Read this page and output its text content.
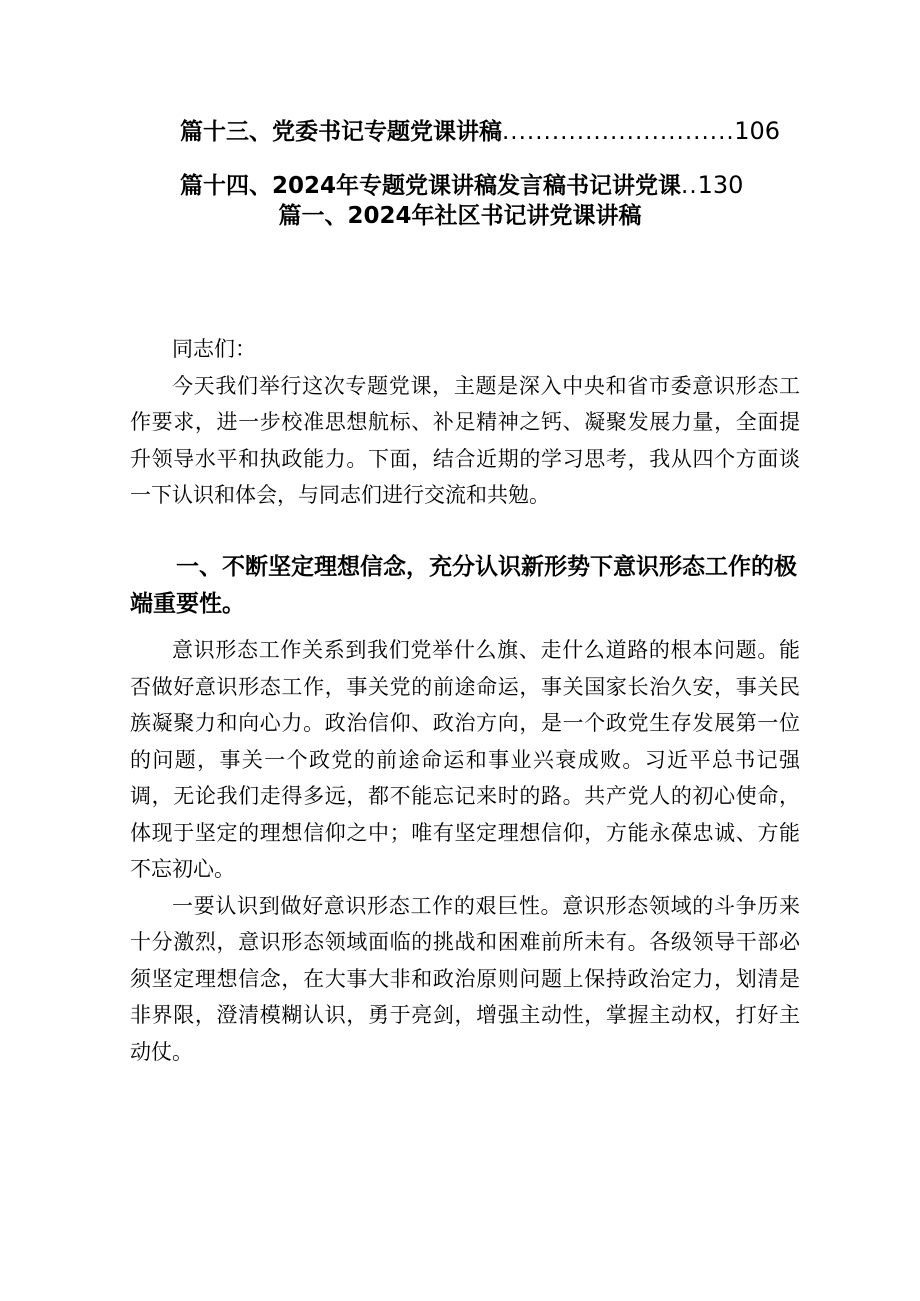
篇十三、党委书记专题党课讲稿 .....	106
篇十四、2024年专题党课讲稿发言稿书记讲党课 .. 130
篇一、2024年社区书记讲党课讲稿

同志们：

今天我们举行这次专题党课，主题是深入中央和省市委意识形态工作要求，进一步校准思想航标、补足精神之钙、凝聚发展力量，全面提升领导水平和执政能力。下面，结合近期的学习思考，我从四个方面谈一下认识和体会，与同志们进行交流和共勉。

一、不断坚定理想信念，充分认识新形势下意识形态工作的极端重要性。

意识形态工作关系到我们党举什么旗、走什么道路的根本问题。能否做好意识形态工作，事关党的前途命运，事关国家长治久安，事关民族凝聚力和向心力。政治信仰、政治方向，是一个政党生存发展第一位的问题，事关一个政党的前途命运和事业兴衰成败。习近平总书记强调，无论我们走得多远，都不能忘记来时的路。共产党人的初心使命，体现于坚定的理想信仰之中；唯有坚定理想信仰，方能永葆忠诚、方能不忘初心。

一要认识到做好意识形态工作的艰巨性。意识形态领域的斗争历来十分激烈，意识形态领域面临的挑战和困难前所未有。各级领导干部必须坚定理想信念，在大事大非和政治原则问题上保持政治定力，划清是非界限，澄清模糊认识，勇于亮剑，增强主动性，掌握主动权，打好主动仗。
